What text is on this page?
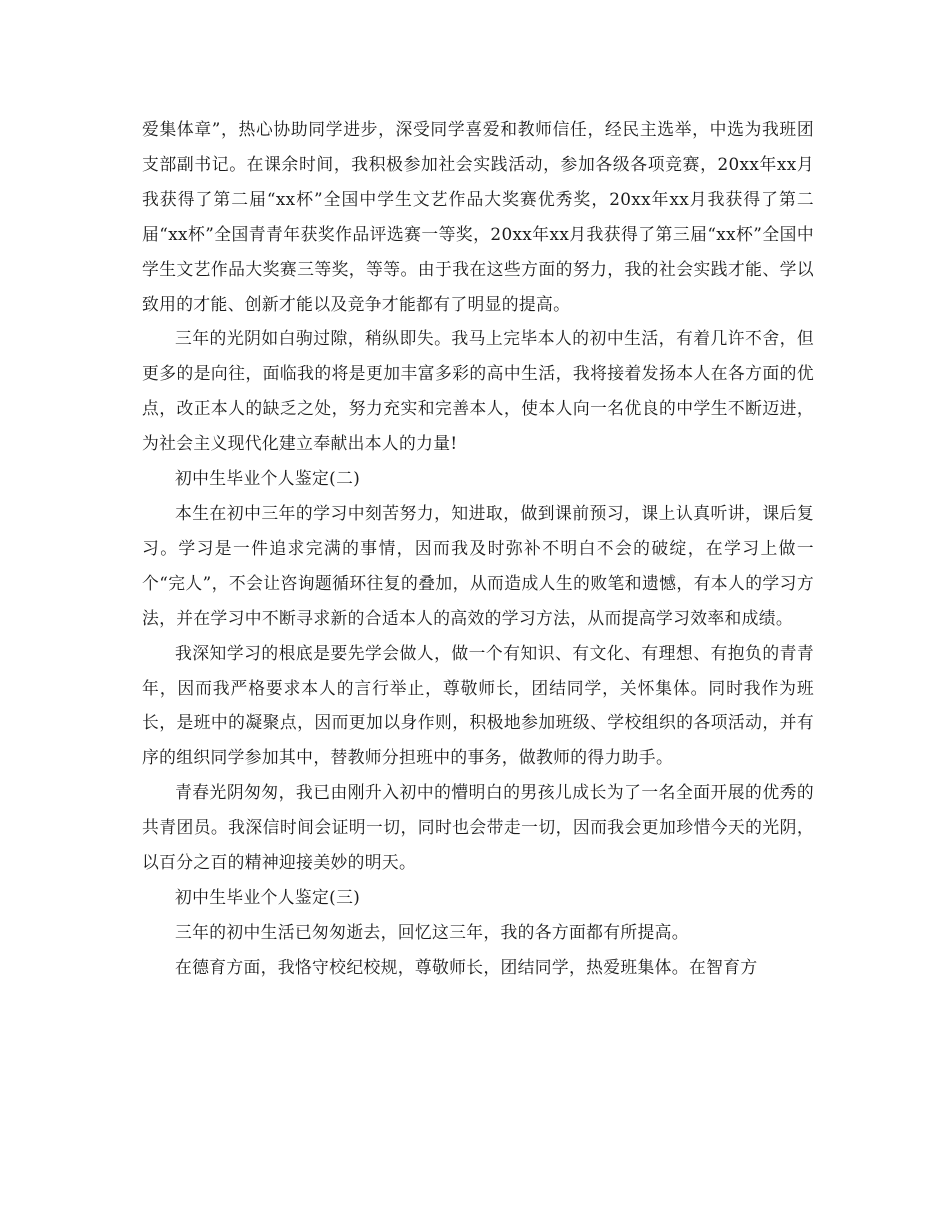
爱集体章”，热心协助同学进步，深受同学喜爱和教师信任，经民主选举，中选为我班团支部副书记。在课余时间，我积极参加社会实践活动，参加各级各项竞赛，20xx年xx月我获得了第二届“xx杯”全国中学生文艺作品大奖赛优秀奖，20xx年xx月我获得了第二届“xx杯”全国青青年获奖作品评选赛一等奖，20xx年xx月我获得了第三届“xx杯”全国中学生文艺作品大奖赛三等奖，等等。由于我在这些方面的努力，我的社会实践才能、学以致用的才能、创新才能以及竞争才能都有了明显的提高。

三年的光阴如白驹过隙，稍纵即失。我马上完毕本人的初中生活，有着几许不舍，但更多的是向往，面临我的将是更加丰富多彩的高中生活，我将接着发扬本人在各方面的优点，改正本人的缺乏之处，努力充实和完善本人，使本人向一名优良的中学生不断迈进，为社会主义现代化建立奉献出本人的力量!

初中生毕业个人鉴定(二)

本生在初中三年的学习中刻苦努力，知进取，做到课前预习，课上认真听讲，课后复习。学习是一件追求完满的事情，因而我及时弥补不明白不会的破绽，在学习上做一个“完人”，不会让咨询题循环往复的叠加，从而造成人生的败笔和遗憾，有本人的学习方法，并在学习中不断寻求新的合适本人的高效的学习方法，从而提高学习效率和成绩。

我深知学习的根底是要先学会做人，做一个有知识、有文化、有理想、有抱负的青青年，因而我严格要求本人的言行举止，尊敬师长，团结同学，关怀集体。同时我作为班长，是班中的凝聚点，因而更加以身作则，积极地参加班级、学校组织的各项活动，并有序的组织同学参加其中，替教师分担班中的事务，做教师的得力助手。

青春光阴匆匆，我已由刚升入初中的懵明白的男孩儿成长为了一名全面开展的优秀的共青团员。我深信时间会证明一切，同时也会带走一切，因而我会更加珍惜今天的光阴，以百分之百的精神迎接美妙的明天。

初中生毕业个人鉴定(三)

三年的初中生活已匆匆逝去，回忆这三年，我的各方面都有所提高。

在德育方面，我恪守校纪校规，尊敬师长，团结同学，热爱班集体。在智育方
